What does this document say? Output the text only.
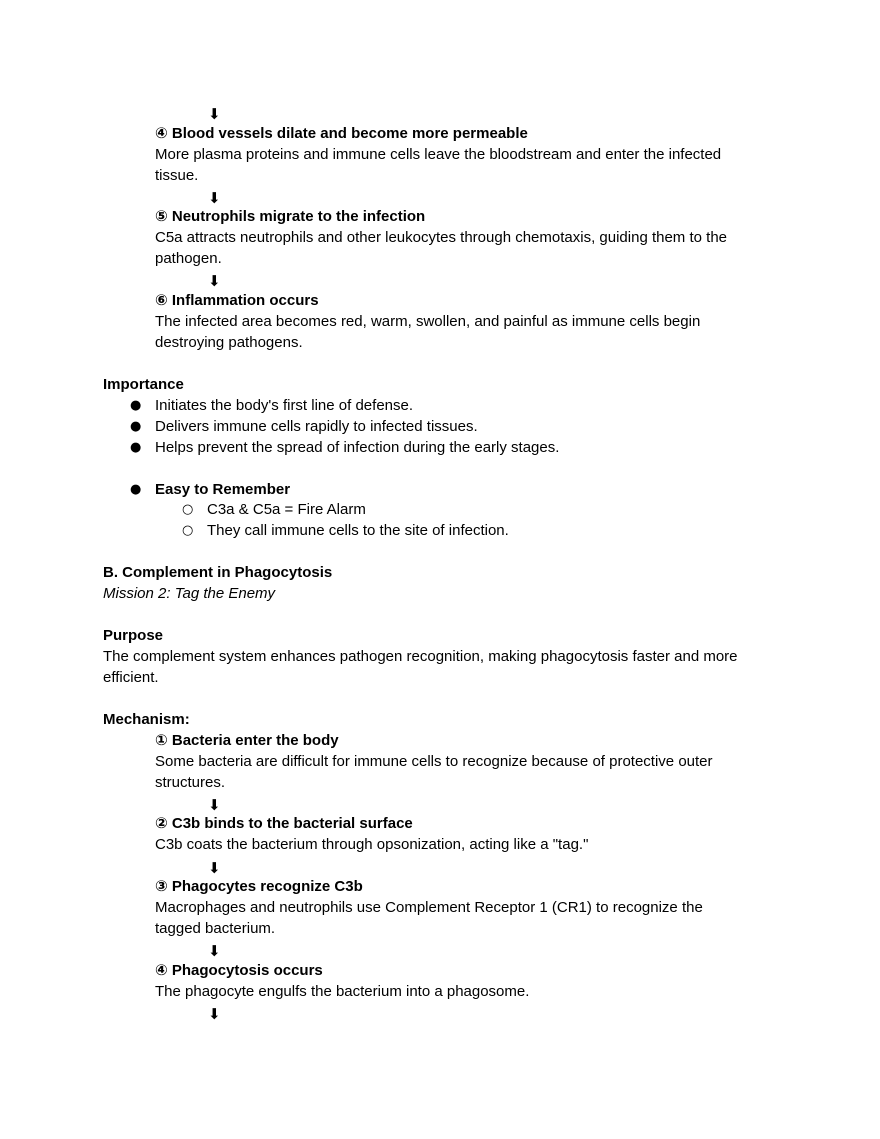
⬇
④ Blood vessels dilate and become more permeable
More plasma proteins and immune cells leave the bloodstream and enter the infected
tissue.
⬇
⑤ Neutrophils migrate to the infection
C5a attracts neutrophils and other leukocytes through chemotaxis, guiding them to the
pathogen.
⬇
⑥ Inflammation occurs
The infected area becomes red, warm, swollen, and painful as immune cells begin
destroying pathogens.
Importance
● Initiates the body's first line of defense.
● Delivers immune cells rapidly to infected tissues.
● Helps prevent the spread of infection during the early stages.
● Easy to Remember
○ C3a & C5a = Fire Alarm
○ They call immune cells to the site of infection.
B. Complement in Phagocytosis
Mission 2: Tag the Enemy
Purpose
The complement system enhances pathogen recognition, making phagocytosis faster and more
efficient.
Mechanism:
① Bacteria enter the body
Some bacteria are difficult for immune cells to recognize because of protective outer
structures.
⬇
② C3b binds to the bacterial surface
C3b coats the bacterium through opsonization, acting like a "tag."
⬇
③ Phagocytes recognize C3b
Macrophages and neutrophils use Complement Receptor 1 (CR1) to recognize the
tagged bacterium.
⬇
④ Phagocytosis occurs
The phagocyte engulfs the bacterium into a phagosome.
⬇
